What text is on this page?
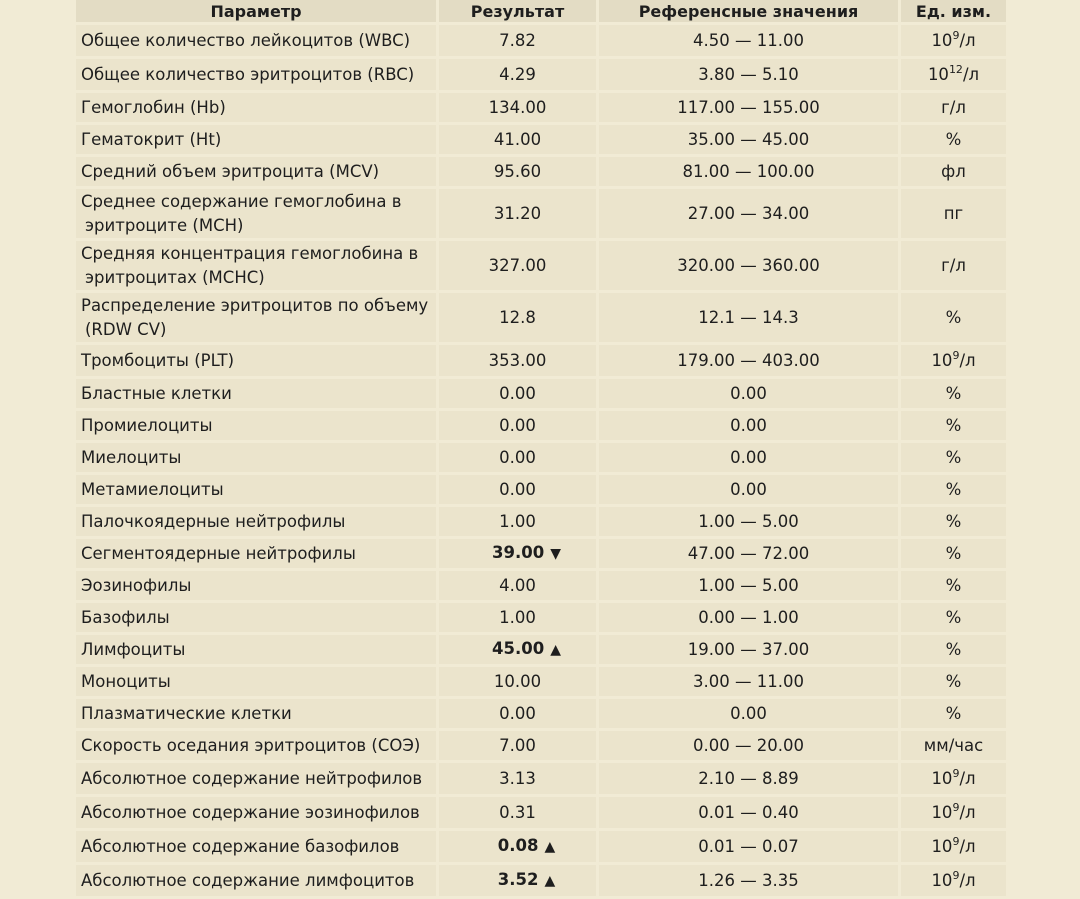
Параметр	Результат	Референсные значения	Ед. изм.
Общее количество лейкоцитов (WBC)	7.82	4.50 — 11.00	$10^9/л$
Общее количество эритроцитов (RBC)	4.29	3.80 — 5.10	$10^{12}/л$
Гемоглобин (Hb)	134.00	117.00 — 155.00	г/л
Гематокрит (Ht)	41.00	35.00 — 45.00	%
Средний объем эритроцита (MCV)	95.60	81.00 — 100.00	фл
Среднее содержание гемоглобина в
эритроците (MCH)	31.20	27.00 — 34.00	пг
Средняя концентрация гемоглобина в
эритроцитах (MCHC)	327.00	320.00 — 360.00	г/л
Распределение эритроцитов по объему
(RDW CV)	12.8	12.1 — 14.3	%
Тромбоциты (PLT)	353.00	179.00 — 403.00	$10^9/л$
Бластные клетки	0.00	0.00	%
Промиелоциты	0.00	0.00	%
Миелоциты	0.00	0.00	%
Метамиелоциты	0.00	0.00	%
Палочкоядерные нейтрофилы	1.00	1.00 — 5.00	%
Сегментоядерные нейтрофилы	39.00 ▼	47.00 — 72.00	%
Эозинофилы	4.00	1.00 — 5.00	%
Базофилы	1.00	0.00 — 1.00	%
Лимфоциты	45.00 ▲	19.00 — 37.00	%
Моноциты	10.00	3.00 — 11.00	%
Плазматические клетки	0.00	0.00	%
Скорость оседания эритроцитов (СОЭ)	7.00	0.00 — 20.00	мм/час
Абсолютное содержание нейтрофилов	3.13	2.10 — 8.89	$10^9/л$
Абсолютное содержание эозинофилов	0.31	0.01 — 0.40	$10^9/л$
Абсолютное содержание базофилов	0.08 ▲	0.01 — 0.07	$10^9/л$
Абсолютное содержание лимфоцитов	3.52 ▲	1.26 — 3.35	$10^9/л$
